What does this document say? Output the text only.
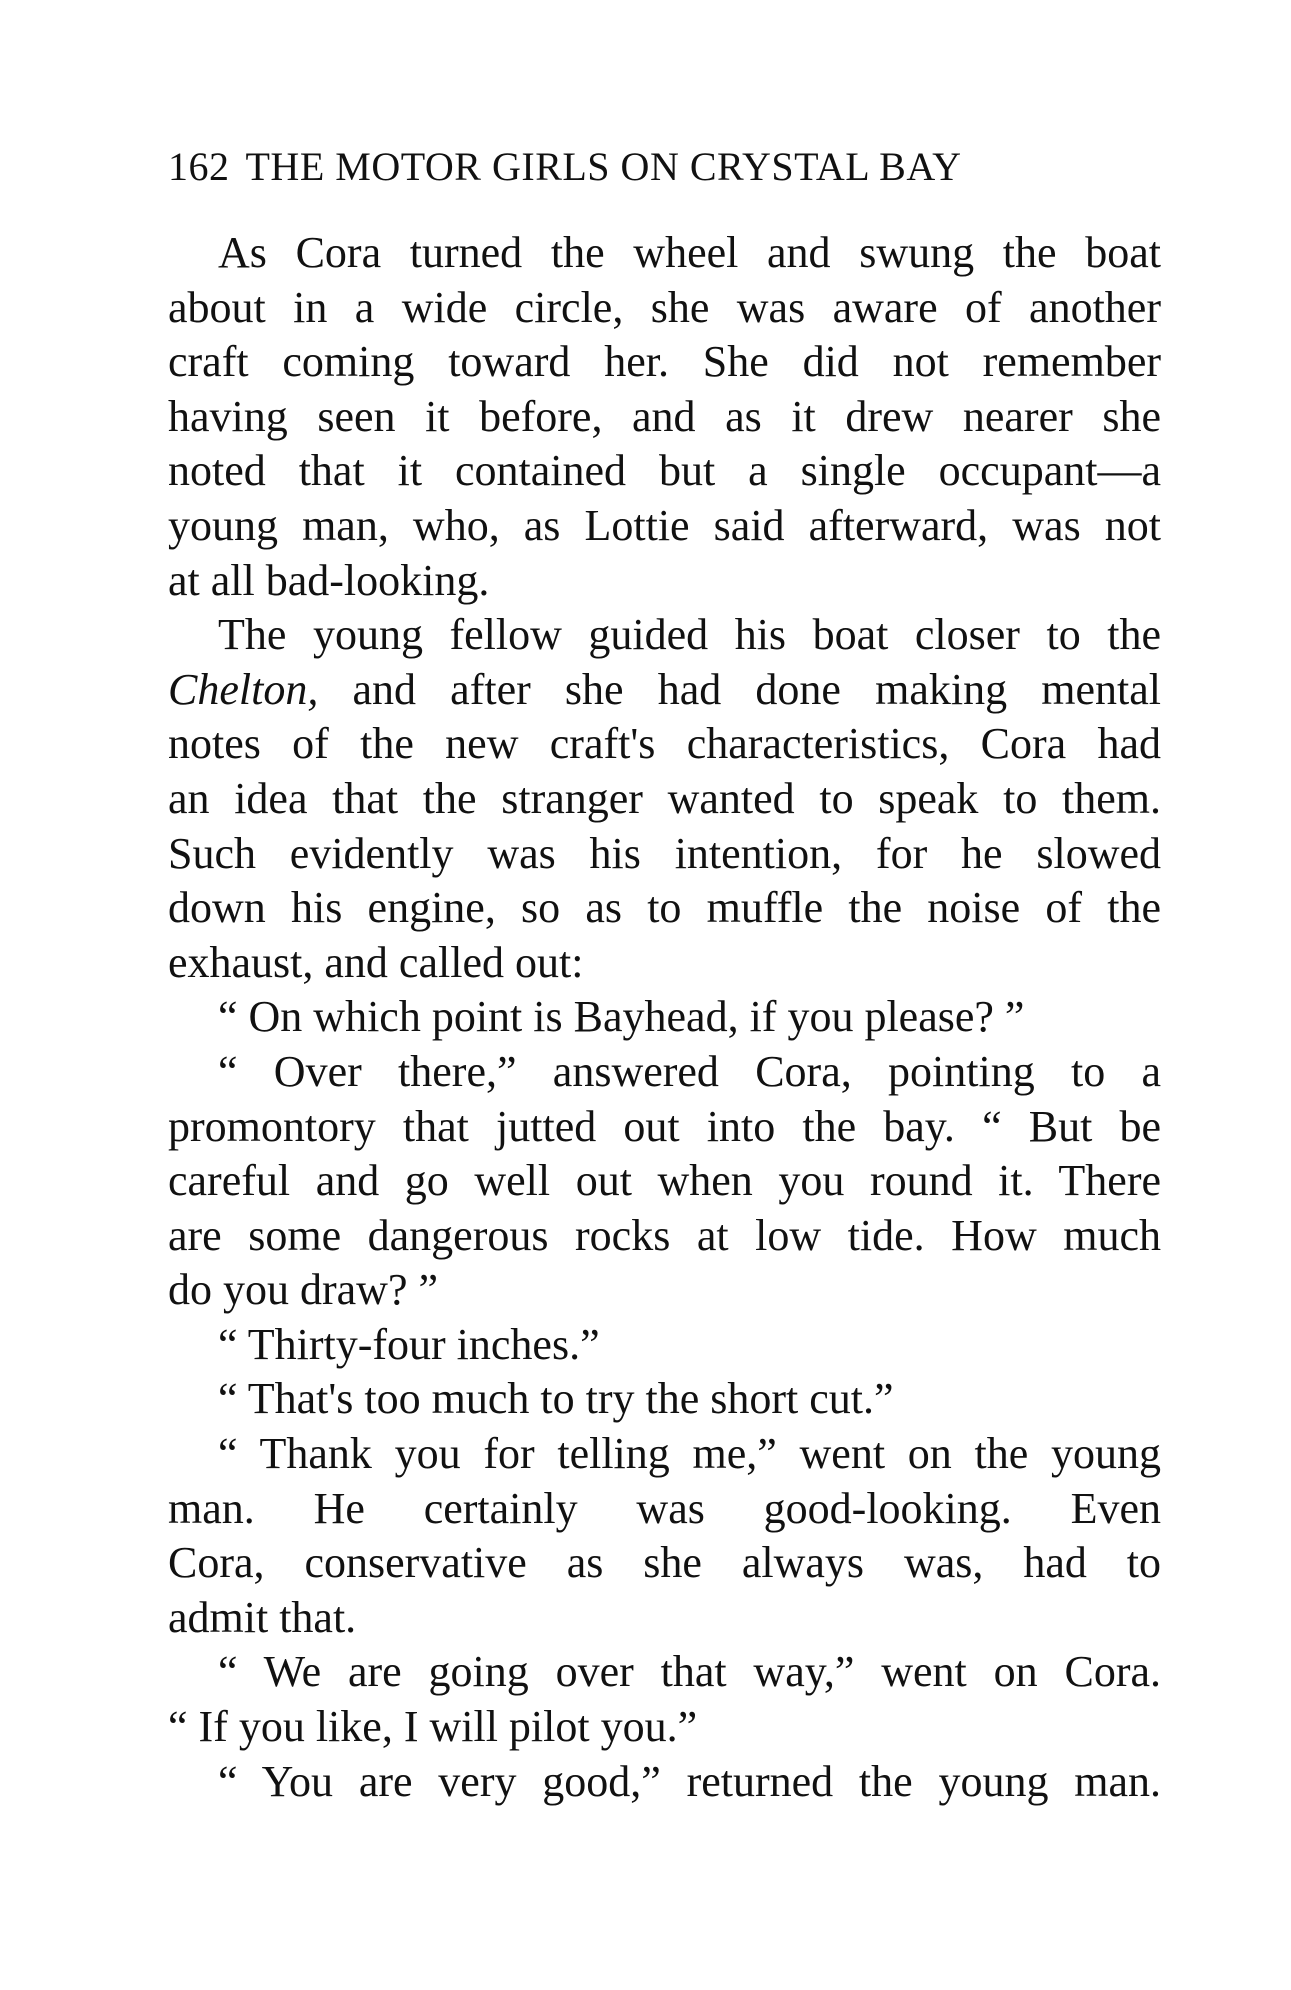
162 THE MOTOR GIRLS ON CRYSTAL BAY
As Cora turned the wheel and swung the boat
about in a wide circle, she was aware of another
craft coming toward her. She did not remember
having seen it before, and as it drew nearer she
noted that it contained but a single occupant—a
young man, who, as Lottie said afterward, was not
at all bad-looking.
The young fellow guided his boat closer to the
Chelton, and after she had done making mental
notes of the new craft's characteristics, Cora had
an idea that the stranger wanted to speak to them.
Such evidently was his intention, for he slowed
down his engine, so as to muffle the noise of the
exhaust, and called out:
“ On which point is Bayhead, if you please? ”
“ Over there,” answered Cora, pointing to a
promontory that jutted out into the bay. “ But be
careful and go well out when you round it. There
are some dangerous rocks at low tide. How much
do you draw? ”
“ Thirty-four inches.”
“ That's too much to try the short cut.”
“ Thank you for telling me,” went on the young
man. He certainly was good-looking. Even
Cora, conservative as she always was, had to
admit that.
“ We are going over that way,” went on Cora.
“ If you like, I will pilot you.”
“ You are very good,” returned the young man.
